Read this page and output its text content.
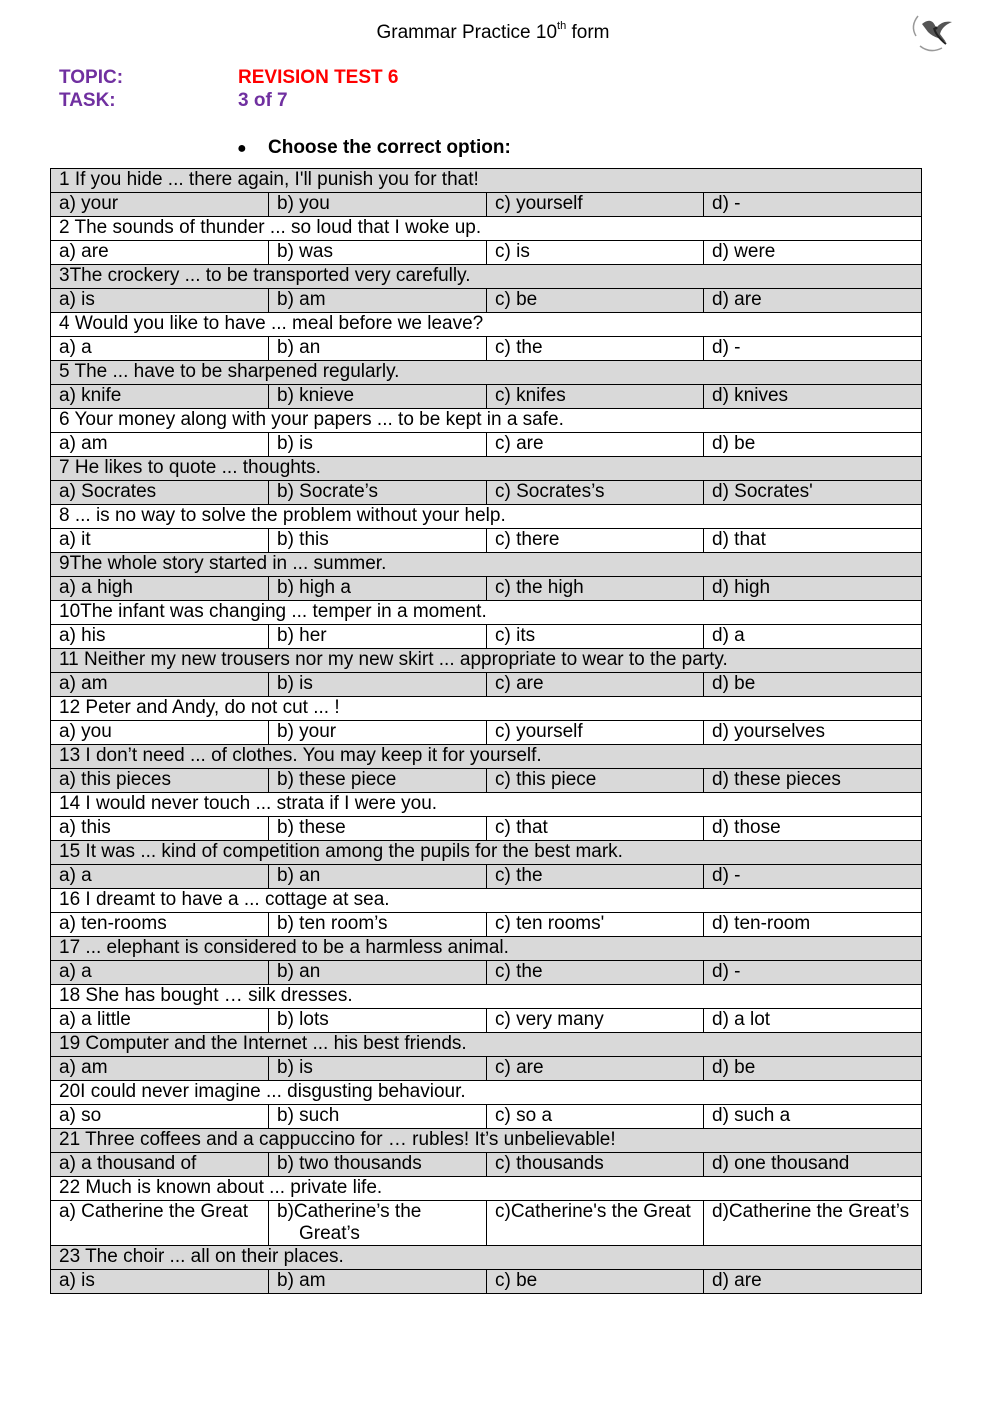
Grammar Practice 10th form
TOPIC:	REVISION TEST 6
TASK:	3 of 7
● Choose the correct option:
1 If you hide ... there again, I'll punish you for that!			
a) your	b) you	c) yourself	d) -
2 The sounds of thunder ... so loud that I woke up.			
a) are	b) was	c) is	d) were
3The crockery ... to be transported very carefully.			
a) is	b) am	c) be	d) are
4 Would you like to have ... meal before we leave?			
a) a	b) an	c) the	d) -
5 The ... have to be sharpened regularly.			
a) knife	b) knieve	c) knifes	d) knives
6 Your money along with your papers ... to be kept in a safe.			
a) am	b) is	c) are	d) be
7 He likes to quote ... thoughts.			
a) Socrates	b) Socrate’s	c) Socrates’s	d) Socrates'
8 ... is no way to solve the problem without your help.			
a) it	b) this	c) there	d) that
9The whole story started in ... summer.			
a) a high	b) high a	c) the high	d) high
10The infant was changing ... temper in a moment.			
a) his	b) her	c) its	d) a
11 Neither my new trousers nor my new skirt ... appropriate to wear to the party.			
a) am	b) is	c) are	d) be
12 Peter and Andy, do not cut ... !			
a) you	b) your	c) yourself	d) yourselves
13 I don’t need ... of clothes. You may keep it for yourself.			
a) this pieces	b) these piece	c) this piece	d) these pieces
14 I would never touch ... strata if I were you.			
a) this	b) these	c) that	d) those
15 It was ... kind of competition among the pupils for the best mark.			
a) a	b) an	c) the	d) -
16 I dreamt to have a ... cottage at sea.			
a) ten-rooms	b) ten room’s	c) ten rooms'	d) ten-room
17 ... elephant is considered to be a harmless animal.			
a) a	b) an	c) the	d) -
18 She has bought … silk dresses.			
a) a little	b) lots	c) very many	d) a lot
19 Computer and the Internet ... his best friends.			
a) am	b) is	c) are	d) be
20I could never imagine ... disgusting behaviour.			
a) so	b) such	c) so a	d) such a
21 Three coffees and a cappuccino for … rubles! It’s unbelievable!			
a) a thousand of	b) two thousands	c) thousands	d) one thousand
22 Much is known about ... private life.			
a) Catherine the Great	b)Catherine’s the
Great’s	c)Catherine's the Great	d)Catherine the Great’s
23 The choir ... all on their places.			
a) is	b) am	c) be	d) are
